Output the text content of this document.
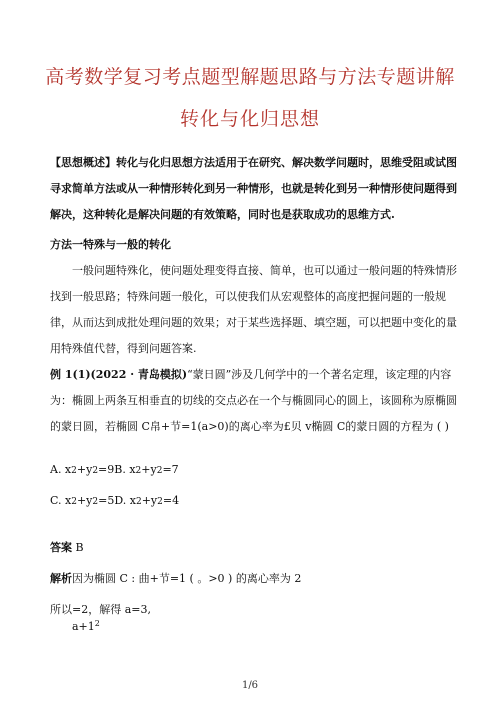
高考数学复习考点题型解题思路与方法专题讲解
转化与化归思想

【思想概述】转化与化归思想方法适用于在研究、解决数学问题时，思维受阻或试图寻求简单方法或从一种情形转化到另一种情形，也就是转化到另一种情形使问题得到解决，这种转化是解决问题的有效策略，同时也是获取成功的思维方式.

方法一特殊与一般的转化

一般问题特殊化，使问题处理变得直接、简单，也可以通过一般问题的特殊情形找到一般思路；特殊问题一般化，可以使我们从宏观整体的高度把握问题的一般规律，从而达到成批处理问题的效果；对于某些选择题、填空题，可以把题中变化的量用特殊值代替，得到问题答案.

例 1(1)(2022 · 青岛模拟)“蒙日圆”涉及几何学中的一个著名定理，该定理的内容为：椭圆上两条互相垂直的切线的交点必在一个与椭圆同心的圆上，该圆称为原椭圆的蒙日圆，若椭圆 C帛+节=1(a>0)的离心率为£贝 v椭圆 C的蒙日圆的方程为 ( )

A. x2+y2=9B. x2+y2=7
C. x2+y2=5D. x2+y2=4
答案 B
解析因为椭圆 C : 曲+节=1 ( 。>0 ) 的离心率为 2
所以=2，解得 a=3,
$a+1^2$
1/6
